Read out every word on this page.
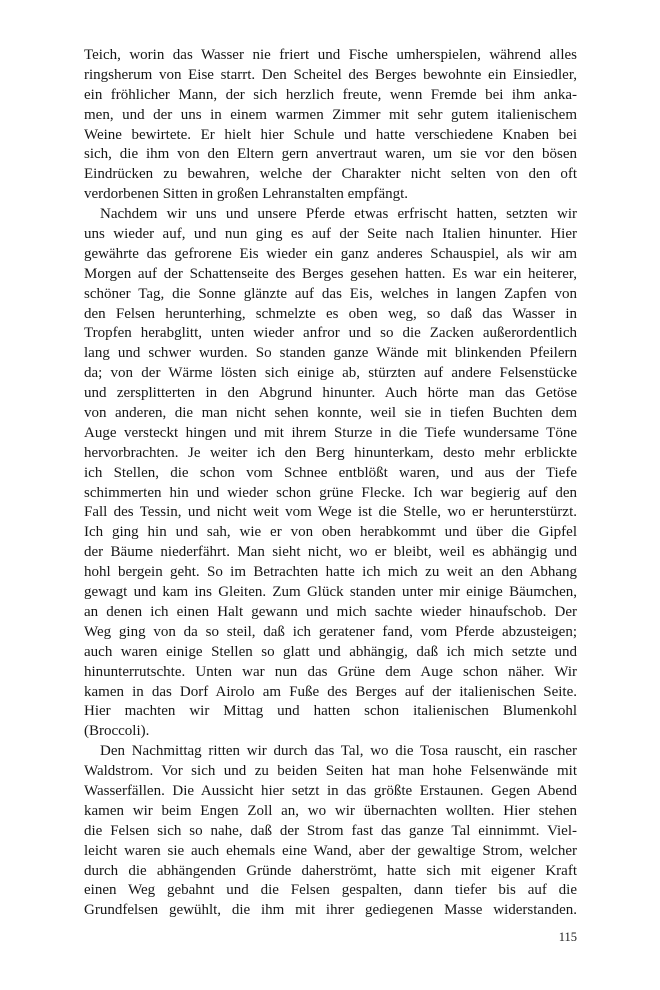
Teich, worin das Wasser nie friert und Fische umherspielen, während alles
ringsherum von Eise starrt. Den Scheitel des Berges bewohnte ein Einsiedler,
ein fröhlicher Mann, der sich herzlich freute, wenn Fremde bei ihm anka-
men, und der uns in einem warmen Zimmer mit sehr gutem italienischem
Weine bewirtete. Er hielt hier Schule und hatte verschiedene Knaben bei
sich, die ihm von den Eltern gern anvertraut waren, um sie vor den bösen
Eindrücken zu bewahren, welche der Charakter nicht selten von den oft
verdorbenen Sitten in großen Lehranstalten empfängt.
Nachdem wir uns und unsere Pferde etwas erfrischt hatten, setzten wir
uns wieder auf, und nun ging es auf der Seite nach Italien hinunter. Hier
gewährte das gefrorene Eis wieder ein ganz anderes Schauspiel, als wir am
Morgen auf der Schattenseite des Berges gesehen hatten. Es war ein heiterer,
schöner Tag, die Sonne glänzte auf das Eis, welches in langen Zapfen von
den Felsen herunterhing, schmelzte es oben weg, so daß das Wasser in
Tropfen herabglitt, unten wieder anfror und so die Zacken außerordentlich
lang und schwer wurden. So standen ganze Wände mit blinkenden Pfeilern
da; von der Wärme lösten sich einige ab, stürzten auf andere Felsenstücke
und zersplitterten in den Abgrund hinunter. Auch hörte man das Getöse
von anderen, die man nicht sehen konnte, weil sie in tiefen Buchten dem
Auge versteckt hingen und mit ihrem Sturze in die Tiefe wundersame Töne
hervorbrachten. Je weiter ich den Berg hinunterkam, desto mehr erblickte
ich Stellen, die schon vom Schnee entblößt waren, und aus der Tiefe
schimmerten hin und wieder schon grüne Flecke. Ich war begierig auf den
Fall des Tessin, und nicht weit vom Wege ist die Stelle, wo er herunterstürzt.
Ich ging hin und sah, wie er von oben herabkommt und über die Gipfel
der Bäume niederfährt. Man sieht nicht, wo er bleibt, weil es abhängig und
hohl bergein geht. So im Betrachten hatte ich mich zu weit an den Abhang
gewagt und kam ins Gleiten. Zum Glück standen unter mir einige Bäumchen,
an denen ich einen Halt gewann und mich sachte wieder hinaufschob. Der
Weg ging von da so steil, daß ich geratener fand, vom Pferde abzusteigen;
auch waren einige Stellen so glatt und abhängig, daß ich mich setzte und
hinunterrutschte. Unten war nun das Grüne dem Auge schon näher. Wir
kamen in das Dorf Airolo am Fuße des Berges auf der italienischen Seite.
Hier machten wir Mittag und hatten schon italienischen Blumenkohl
(Broccoli).
Den Nachmittag ritten wir durch das Tal, wo die Tosa rauscht, ein rascher
Waldstrom. Vor sich und zu beiden Seiten hat man hohe Felsenwände mit
Wasserfällen. Die Aussicht hier setzt in das größte Erstaunen. Gegen Abend
kamen wir beim Engen Zoll an, wo wir übernachten wollten. Hier stehen
die Felsen sich so nahe, daß der Strom fast das ganze Tal einnimmt. Viel-
leicht waren sie auch ehemals eine Wand, aber der gewaltige Strom, welcher
durch die abhängenden Gründe daherströmt, hatte sich mit eigener Kraft
einen Weg gebahnt und die Felsen gespalten, dann tiefer bis auf die
Grundfelsen gewühlt, die ihm mit ihrer gediegenen Masse widerstanden.
115
